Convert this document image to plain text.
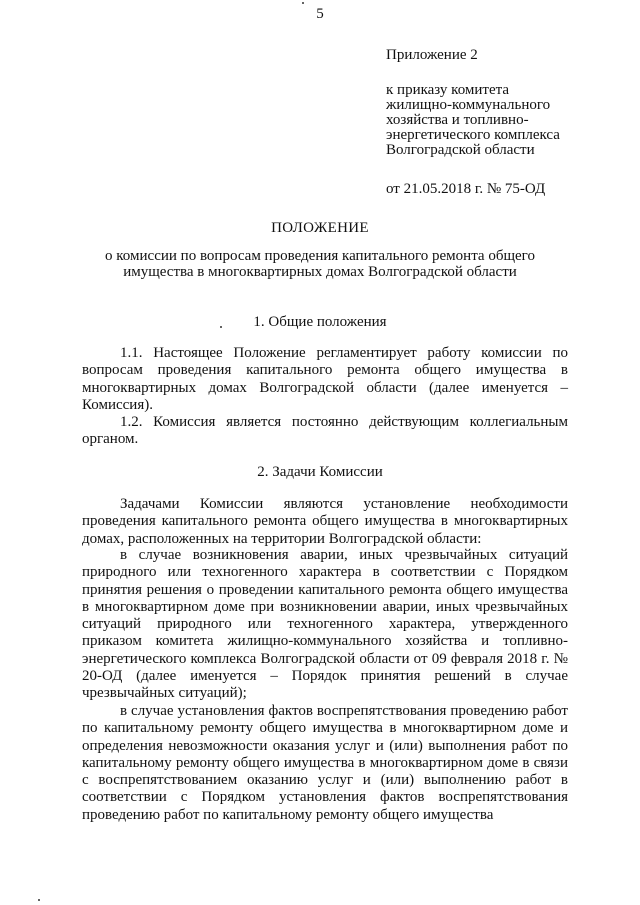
5
Приложение 2
к приказу комитета
жилищно-коммунального
хозяйства и топливно-
энергетического комплекса
Волгоградской области
от 21.05.2018 г. № 75-ОД
ПОЛОЖЕНИЕ
о комиссии по вопросам проведения капитального ремонта общего
имущества в многоквартирных домах Волгоградской области
1. Общие положения
1.1. Настоящее Положение регламентирует работу комиссии по вопросам проведения капитального ремонта общего имущества в многоквартирных домах Волгоградской области (далее именуется – Комиссия).
1.2. Комиссия является постоянно действующим коллегиальным органом.
2. Задачи Комиссии
Задачами Комиссии являются установление необходимости проведения капитального ремонта общего имущества в многоквартирных домах, расположенных на территории Волгоградской области:
в случае возникновения аварии, иных чрезвычайных ситуаций природного или техногенного характера в соответствии с Порядком принятия решения о проведении капитального ремонта общего имущества в многоквартирном доме при возникновении аварии, иных чрезвычайных ситуаций природного или техногенного характера, утвержденного приказом комитета жилищно-коммунального хозяйства и топливно-энергетического комплекса Волгоградской области от 09 февраля 2018 г. № 20-ОД (далее именуется – Порядок принятия решений в случае чрезвычайных ситуаций);
в случае установления фактов воспрепятствования проведению работ по капитальному ремонту общего имущества в многоквартирном доме и определения невозможности оказания услуг и (или) выполнения работ по капитальному ремонту общего имущества в многоквартирном доме в связи с воспрепятствованием оказанию услуг и (или) выполнению работ в соответствии с Порядком установления фактов воспрепятствования проведению работ по капитальному ремонту общего имущества
